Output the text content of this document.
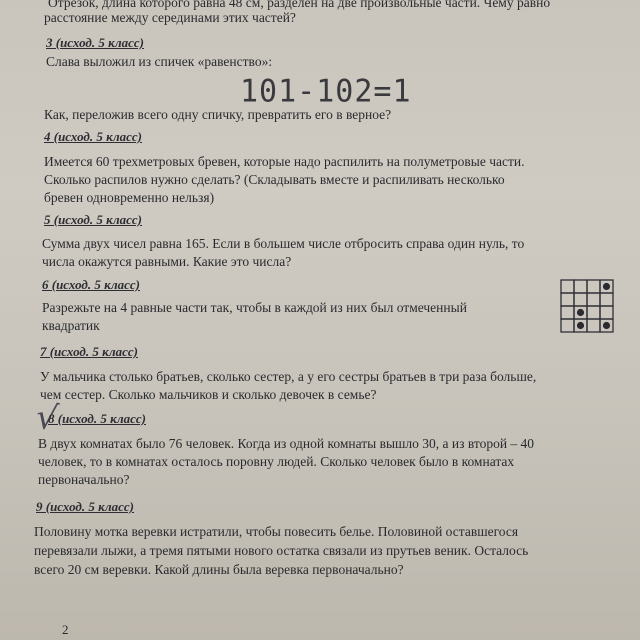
Отрезок, длина которого равна 48 см, разделен на две произвольные части. Чему равно
расстояние между серединами этих частей?
3 (исход. 5 класс)
Слава выложил из спичек «равенство»:
101-102=1
Как, переложив всего одну спичку, превратить его в верное?
4 (исход. 5 класс)
Имеется 60 трехметровых бревен, которые надо распилить на полуметровые части.
Сколько распилов нужно сделать? (Складывать вместе и распиливать несколько
бревен одновременно нельзя)
5 (исход. 5 класс)
Сумма двух чисел равна 165. Если в большем числе отбросить справа один нуль, то
числа окажутся равными. Какие это числа?
6 (исход. 5 класс)
Разрежьте на 4 равные части так, чтобы в каждой из них был отмеченный
квадратик
7 (исход. 5 класс)
У мальчика столько братьев, сколько сестер, а у его сестры братьев в три раза больше,
чем сестер. Сколько мальчиков и сколько девочек в семье?
√
8 (исход. 5 класс)
В двух комнатах было 76 человек. Когда из одной комнаты вышло 30, а из второй – 40
человек, то в комнатах осталось поровну людей. Сколько человек было в комнатах
первоначально?
9 (исход. 5 класс)
Половину мотка веревки истратили, чтобы повесить белье. Половиной оставшегося
перевязали лыжи, а тремя пятыми нового остатка связали из прутьев веник. Осталось
всего 20 см веревки. Какой длины была веревка первоначально?
2
